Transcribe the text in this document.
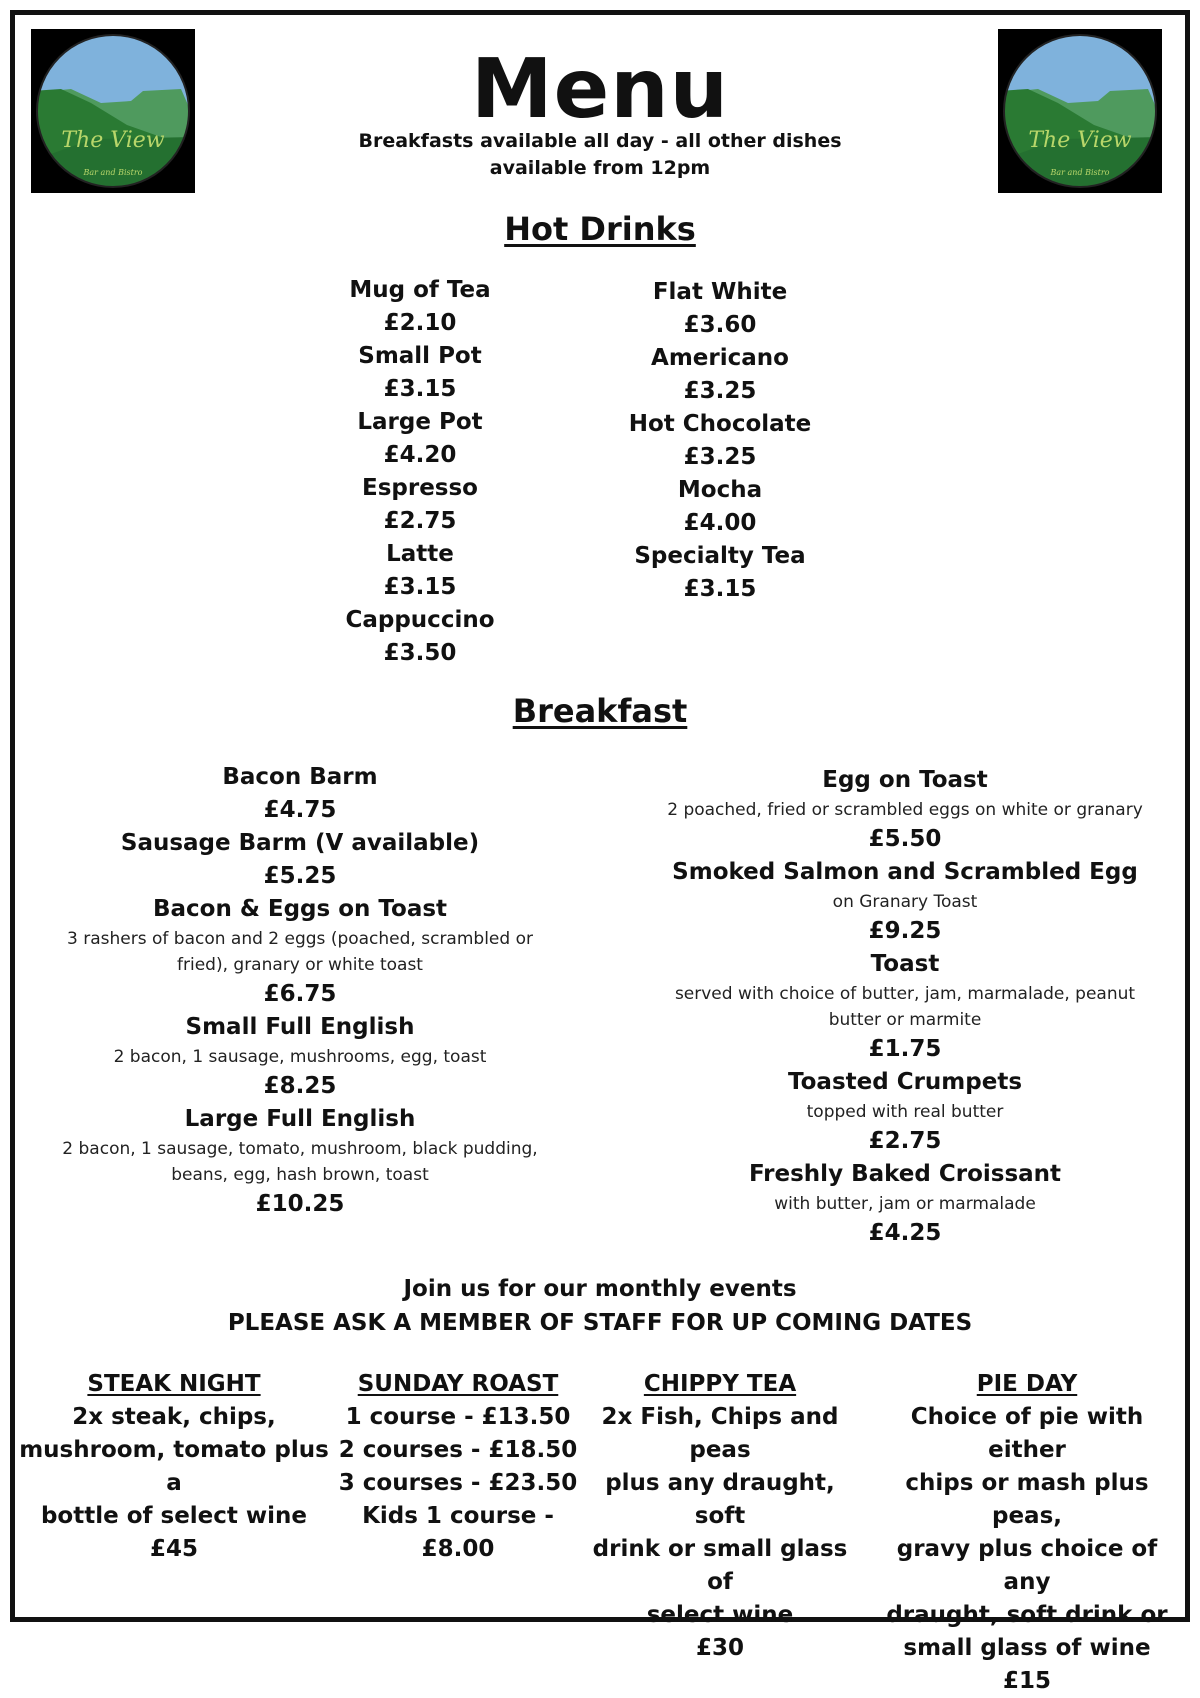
The View
Bar and Bistro
The View
Bar and Bistro
Menu
Breakfasts available all day - all other dishes
available from 12pm
Hot Drinks
Mug of Tea
£2.10
Small Pot
£3.15
Large Pot
£4.20
Espresso
£2.75
Latte
£3.15
Cappuccino
£3.50
Flat White
£3.60
Americano
£3.25
Hot Chocolate
£3.25
Mocha
£4.00
Specialty Tea
£3.15
Breakfast
Bacon Barm
£4.75
Sausage Barm (V available)
£5.25
Bacon & Eggs on Toast
3 rashers of bacon and 2 eggs (poached, scrambled or fried), granary or white toast
£6.75
Small Full English
2 bacon, 1 sausage, mushrooms, egg, toast
£8.25
Large Full English
2 bacon, 1 sausage, tomato, mushroom, black pudding, beans, egg, hash brown, toast
£10.25
Egg on Toast
2 poached, fried or scrambled eggs on white or granary
£5.50
Smoked Salmon and Scrambled Egg
on Granary Toast
£9.25
Toast
served with choice of butter, jam, marmalade, peanut butter or marmite
£1.75
Toasted Crumpets
topped with real butter
£2.75
Freshly Baked Croissant
with butter, jam or marmalade
£4.25
Join us for our monthly events
PLEASE ASK A MEMBER OF STAFF FOR UP COMING DATES
STEAK NIGHT
2x steak, chips,
mushroom, tomato plus a
bottle of select wine
£45
SUNDAY ROAST
1 course - £13.50
2 courses - £18.50
3 courses - £23.50
Kids 1 course - £8.00
CHIPPY TEA
2x Fish, Chips and peas
plus any draught, soft
drink or small glass of
select wine
£30
PIE DAY
Choice of pie with either
chips or mash plus peas,
gravy plus choice of any
draught, soft drink or
small glass of wine
£15
